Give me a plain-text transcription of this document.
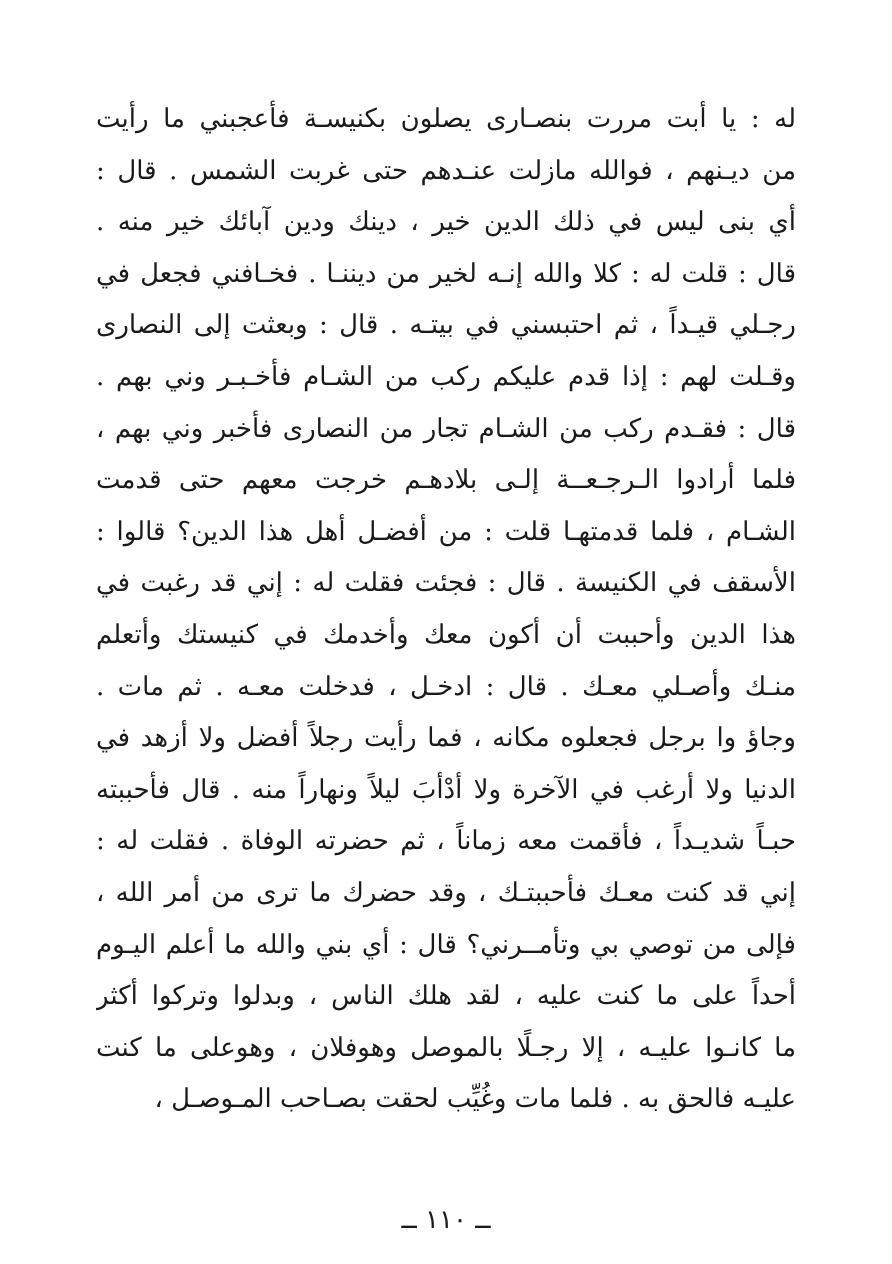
له : يا أبت مررت بنصـارى يصلون بكنيسـة فأعجبني ما رأيت
من ديـنهم ، فوالله مازلت عنـدهم حتى غربت الشمس . قال :
أي بنى ليس في ذلك الدين خير ، دينك ودين آبائك خير منه .
قال : قلت له : كلا والله إنـه لخير من ديننـا . فخـافني فجعل في
رجـلي قيـداً ، ثم احتبسني في بيتـه . قال : وبعثت إلى النصارى
وقـلت لهم : إذا قدم عليكم ركب من الشـام فأخـبـر وني بهم .
قال : فقـدم ركب من الشـام تجار من النصارى فأخبر وني بهم ،
فلما أرادوا الـرجـعــة إلـى بلادهـم خرجت معهم حتى قدمت
الشـام ، فلما قدمتهـا قلت : من أفضـل أهل هذا الدين؟ قالوا :
الأسقف في الكنيسة . قال : فجئت فقلت له : إني قد رغبت في
هذا الدين وأحببت أن أكون معك وأخدمك في كنيستك وأتعلم
منـك وأصـلي معـك . قال : ادخـل ، فدخلت معـه . ثم مات .
وجاؤ وا برجل فجعلوه مكانه ، فما رأيت رجلاً أفضل ولا أزهد في
الدنيا ولا أرغب في الآخرة ولا أدْأبَ ليلاً ونهاراً منه . قال فأحببته
حبـاً شديـداً ، فأقمت معه زماناً ، ثم حضرته الوفاة . فقلت له :
إني قد كنت معـك فأحببتـك ، وقد حضرك ما ترى من أمر الله ،
فإلى من توصي بي وتأمــرني؟ قال : أي بني والله ما أعلم اليـوم
أحداً على ما كنت عليه ، لقد هلك الناس ، وبدلوا وتركوا أكثر
ما كانـوا عليـه ، إلا رجـلًا بالموصل وهوفلان ، وهوعلى ما كنت
عليـه فالحق به . فلما مات وغُيِّب لحقت بصـاحب المـوصـل ،
ــ ١١٠ ــ
